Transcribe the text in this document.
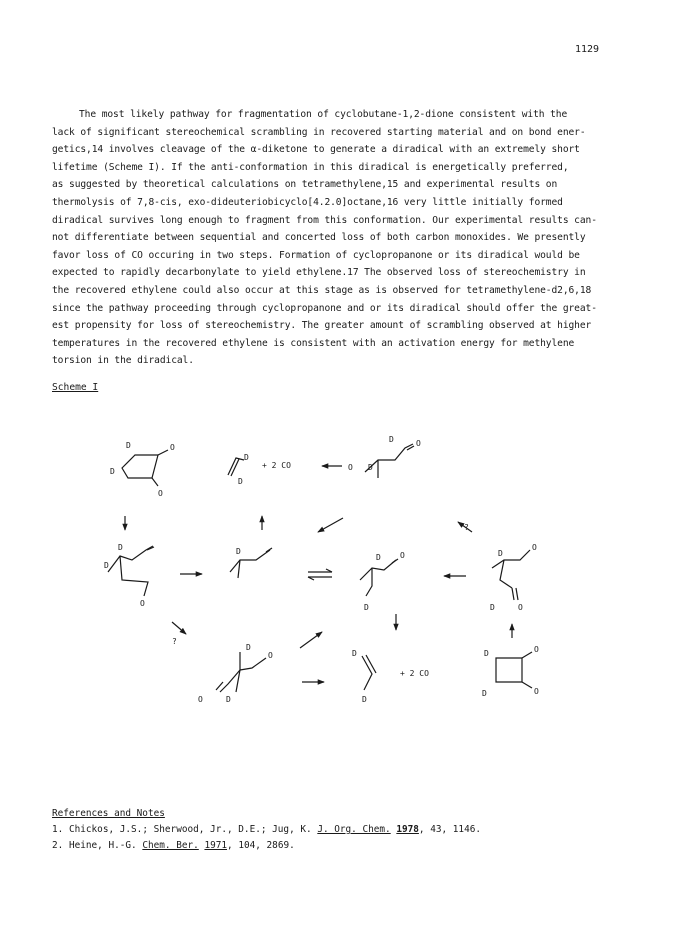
1129
The most likely pathway for fragmentation of cyclobutane-1,2-dione consistent with the
lack of significant stereochemical scrambling in recovered starting material and on bond ener-
getics,14 involves cleavage of the α-diketone to generate a diradical with an extremely short
lifetime (Scheme I). If the anti-conformation in this diradical is energetically preferred,
as suggested by theoretical calculations on tetramethylene,15 and experimental results on
thermolysis of 7,8-cis, exo-dideuteriobicyclo[4.2.0]octane,16 very little initially formed
diradical survives long enough to fragment from this conformation. Our experimental results can-
not differentiate between sequential and concerted loss of both carbon monoxides. We presently
favor loss of CO occuring in two steps. Formation of cyclopropanone or its diradical would be
expected to rapidly decarbonylate to yield ethylene.17 The observed loss of stereochemistry in
the recovered ethylene could also occur at this stage as is observed for tetramethylene-d2,6,18
since the pathway proceeding through cyclopropanone and or its diradical should offer the great-
est propensity for loss of stereochemistry. The greater amount of scrambling observed at higher
temperatures in the recovered ethylene is consistent with an activation energy for methylene
torsion in the diradical.
Scheme I
D
D
O
O
D
D
+ 2 CO	O D
D	O
?
D
D
O
D
D O
D
D
O
D	O
?
D
O
O	D
D
D
+ 2 CO
D	O
D	O
References and Notes
1. Chickos, J.S.; Sherwood, Jr., D.E.; Jug, K. J. Org. Chem. 1978, 43, 1146.
2. Heine, H.-G. Chem. Ber. 1971, 104, 2869.
